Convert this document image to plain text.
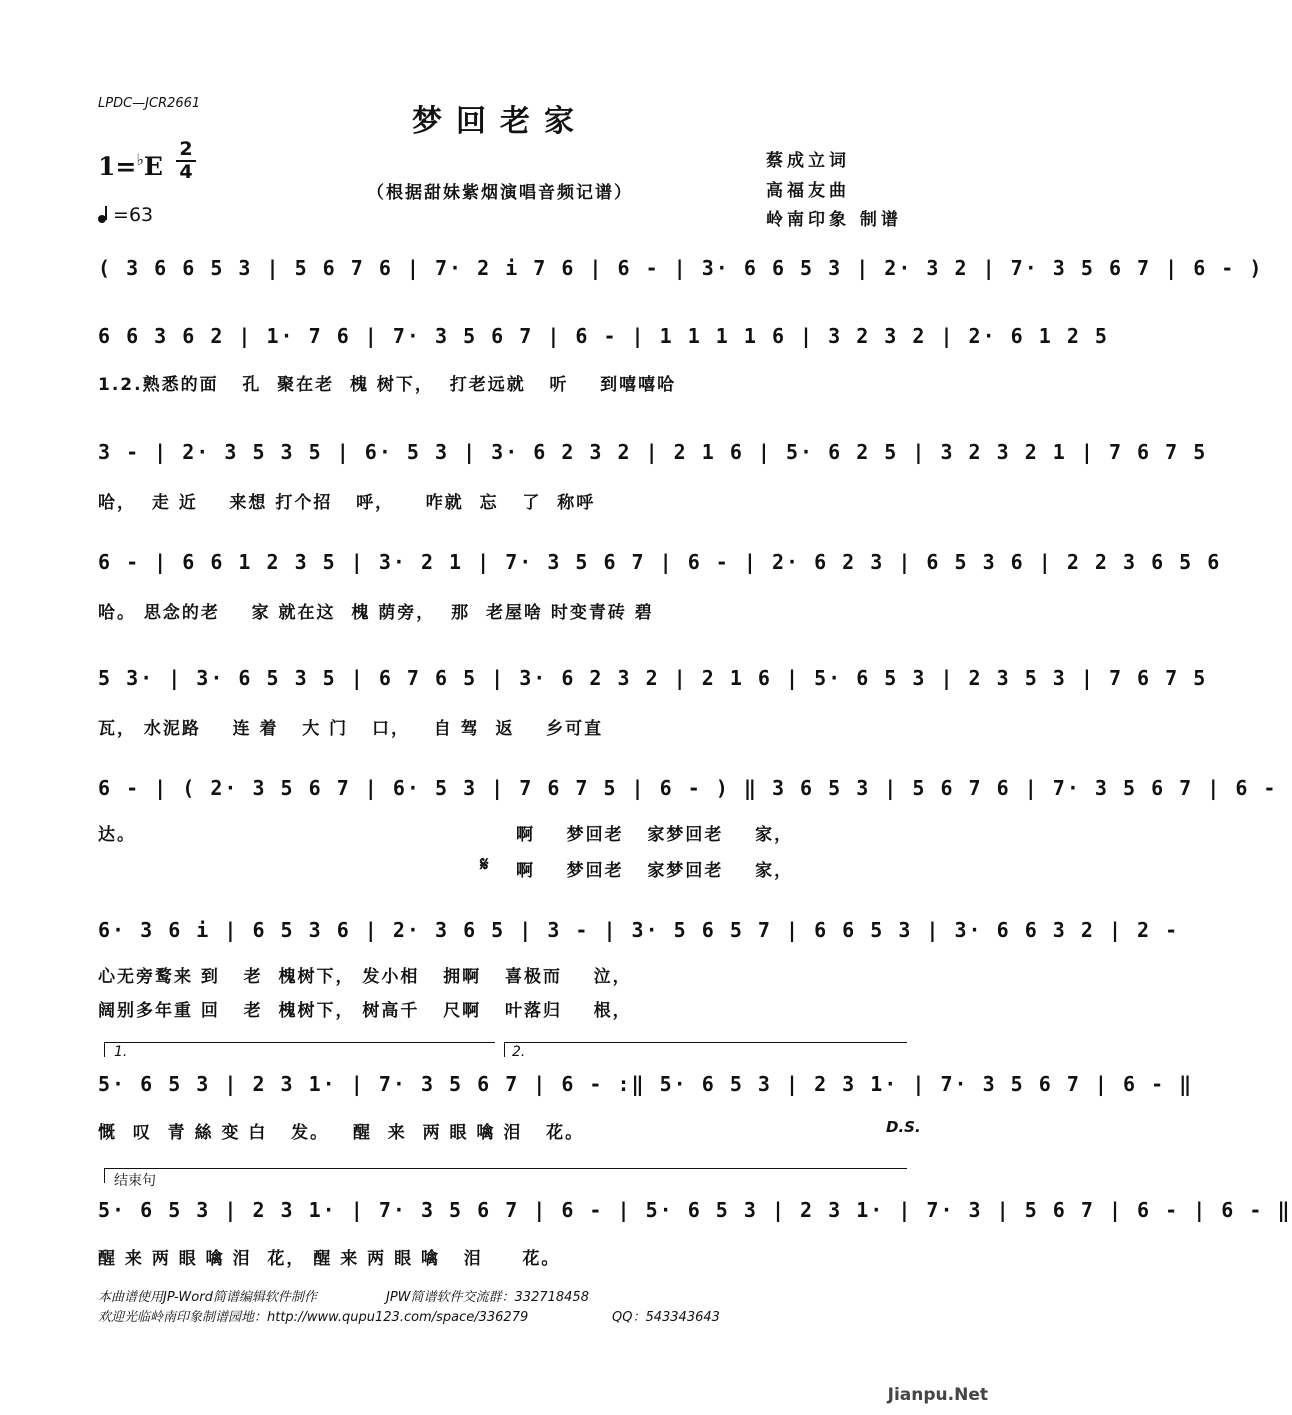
LPDC—JCR2661
梦回老家
1=♭E
2
4
=63
（根据甜妹紫烟演唱音频记谱）
蔡成立词
高福友曲
岭南印象 制谱
( 3 6 6 5 3 | 5 6 7 6 | 7· 2 i 7 6 | 6 - | 3· 6 6 5 3 | 2· 3 2 | 7· 3 5 6 7 | 6 - )
6 6 3 6 2 | 1· 7 6 | 7· 3 5 6 7 | 6 - | 1 1 1 1 6 | 3 2 3 2 | 2· 6 1 2 5
1.2.熟悉的面   孔  聚在老  槐 树下，  打老远就   听    到嘻嘻哈
3 - | 2· 3 5 3 5 | 6· 5 3 | 3· 6 2 3 2 | 2 1 6 | 5· 6 2 5 | 3 2 3 2 1 | 7 6 7 5
哈，  走 近    来想 打个招   呼，    咋就  忘   了  称呼
6 - | 6 6 1 2 3 5 | 3· 2 1 | 7· 3 5 6 7 | 6 - | 2· 6 2 3 | 6 5 3 6 | 2 2 3 6 5 6
哈。 思念的老    家 就在这  槐 荫旁，  那  老屋啥 时变青砖 碧
5 3· | 3· 6 5 3 5 | 6 7 6 5 | 3· 6 2 3 2 | 2 1 6 | 5· 6 5 3 | 2 3 5 3 | 7 6 7 5
瓦， 水泥路    连 着   大 门   口，   自 驾  返    乡可直
6 - | ( 2· 3 5 6 7 | 6· 5 3 | 7 6 7 5 | 6 - ) ‖ 3 6 5 3 | 5 6 7 6 | 7· 3 5 6 7 | 6 -
达。	啊    梦回老   家梦回老    家，
𝄋 啊    梦回老   家梦回老    家，
6· 3 6 i | 6 5 3 6 | 2· 3 6 5 | 3 - | 3· 5 6 5 7 | 6 6 5 3 | 3· 6 6 3 2 | 2 -
心无旁鹜来 到   老  槐树下， 发小相   拥啊   喜极而    泣，
阔别多年重 回   老  槐树下， 树高千   尺啊   叶落归    根，
1.	2.
5· 6 5 3 | 2 3 1· | 7· 3 5 6 7 | 6 - :‖ 5· 6 5 3 | 2 3 1· | 7· 3 5 6 7 | 6 - ‖
慨  叹  青 絲 变 白   发。   醒  来  两 眼 噙 泪   花。	D.S.
结束句
5· 6 5 3 | 2 3 1· | 7· 3 5 6 7 | 6 - | 5· 6 5 3 | 2 3 1· | 7· 3 | 5 6 7 | 6 - | 6 - ‖
醒 来 两 眼 噙 泪  花， 醒 来 两 眼 噙   泪     花。
本曲谱使用JP-Word简谱编辑软件制作	JPW简谱软件交流群：332718458
欢迎光临岭南印象制谱园地：http://www.qupu123.com/space/336279	QQ：543343643
Jianpu.Net
